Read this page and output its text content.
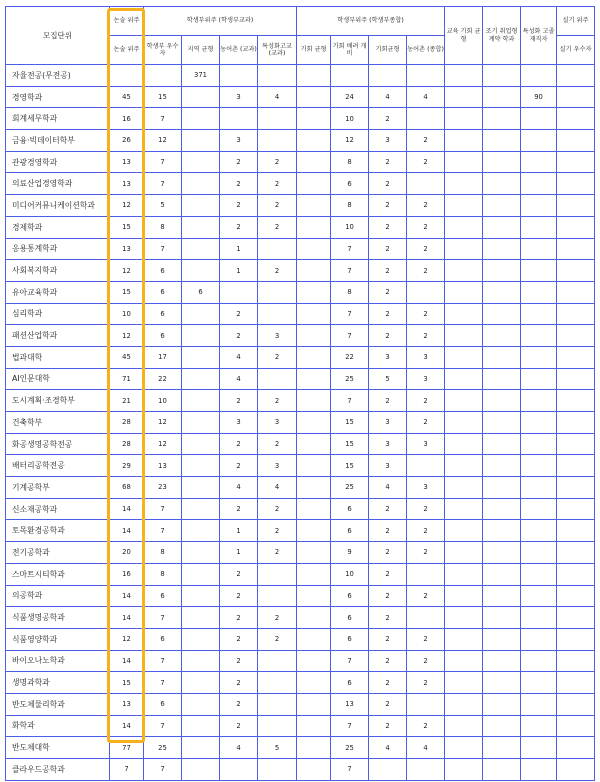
모집단위	논술 위주	학생부위주 (학생부교과)				학생부위주 (학생부종합)				교육 기회 균형	조기 취업형 계약 학과	특성화 고졸 재직자	실기 위주
	논술 위주	학생부 우수자	지역 균형	농어촌 (교과)	특성화고교 (교과)	기회 균형	기회 배려 개비	기회균형	농어촌 (종합)				실기 우수자
자율전공(무전공)			371										
경영학과	45	15		3	4		24	4	4			90	
회계세무학과	16	7					10	2					
금융·빅데이터학부	26	12		3			12	3	2				
관광경영학과	13	7		2	2		8	2	2				
의료산업경영학과	13	7		2	2		6	2					
미디어커뮤니케이션학과	12	5		2	2		8	2	2				
경제학과	15	8		2	2		10	2	2				
응용통계학과	13	7		1			7	2	2				
사회복지학과	12	6		1	2		7	2	2				
유아교육학과	15	6	6				8	2					
심리학과	10	6		2			7	2	2				
패션산업학과	12	6		2	3		7	2	2				
법과대학	45	17		4	2		22	3	3				
AI인문대학	71	22		4			25	5	3				
도시계획·조경학부	21	10		2	2		7	2	2				
건축학부	28	12		3	3		15	3	2				
화공생명공학전공	28	12		2	2		15	3	3				
배터리공학전공	29	13		2	3		15	3					
기계공학부	68	23		4	4		25	4	3				
신소재공학과	14	7		2	2		6	2	2				
토목환경공학과	14	7		1	2		6	2	2				
전기공학과	20	8		1	2		9	2	2				
스마트시티학과	16	8		2			10	2					
의공학과	14	6		2			6	2	2				
식품생명공학과	14	7		2	2		6	2					
식품영양학과	12	6		2	2		6	2	2				
바이오나노학과	14	7		2			7	2	2				
생명과학과	15	7		2			6	2	2				
반도체물리학과	13	6		2			13	2					
화학과	14	7		2			7	2	2				
반도체대학	77	25		4	5		25	4	4				
클라우드공학과	7	7					7						
